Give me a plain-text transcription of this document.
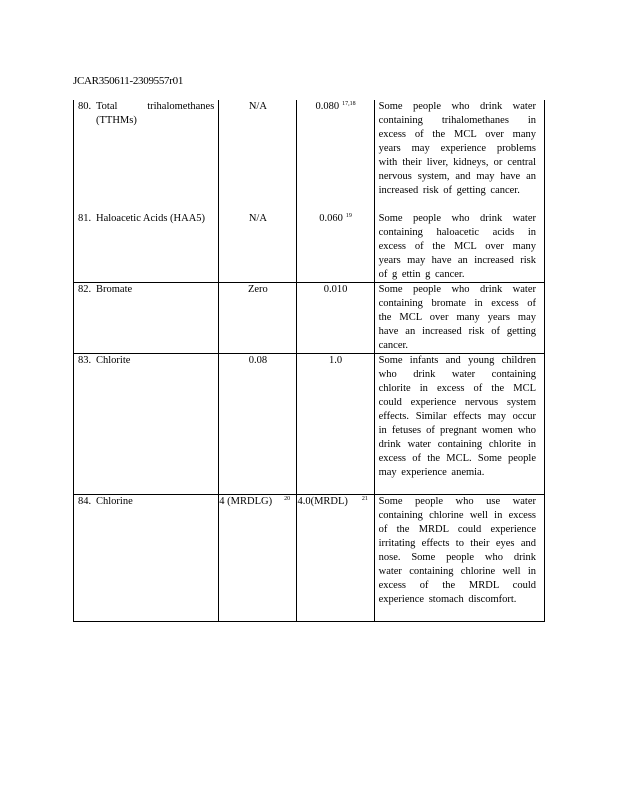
JCAR350611-2309557r01
80. Total trihalomethanes (TTHMs)	N/A	0.080 $^{17,18}$	Some people who drink water containing trihalomethanes in excess of the MCL over many years may experience problems with their liver, kidneys, or central nervous system, and may have an increased risk of getting cancer.

81. Haloacetic Acids (HAA5)	N/A	0.060 $^{19}$	Some people who drink water containing haloacetic acids in excess of the MCL over many years may have an increased risk of g ettin g cancer.

82. Bromate	Zero	0.010	Some people who drink water containing bromate in excess of the MCL over many years may have an increased risk of getting cancer.

83. Chlorite	0.08	1.0	Some infants and young children who drink water containing chlorite in excess of the MCL could experience nervous system effects. Similar effects may occur in fetuses of pregnant women who drink water containing chlorite in excess of the MCL. Some people may experience anemia.

84. Chlorine	4 (MRDLG) $^{20}$	4.0(MRDL) $^{21}$	Some people who use water containing chlorine well in excess of the MRDL could experience irritating effects to their eyes and nose. Some people who drink water containing chlorine well in excess of the MRDL could experience stomach discomfort.
